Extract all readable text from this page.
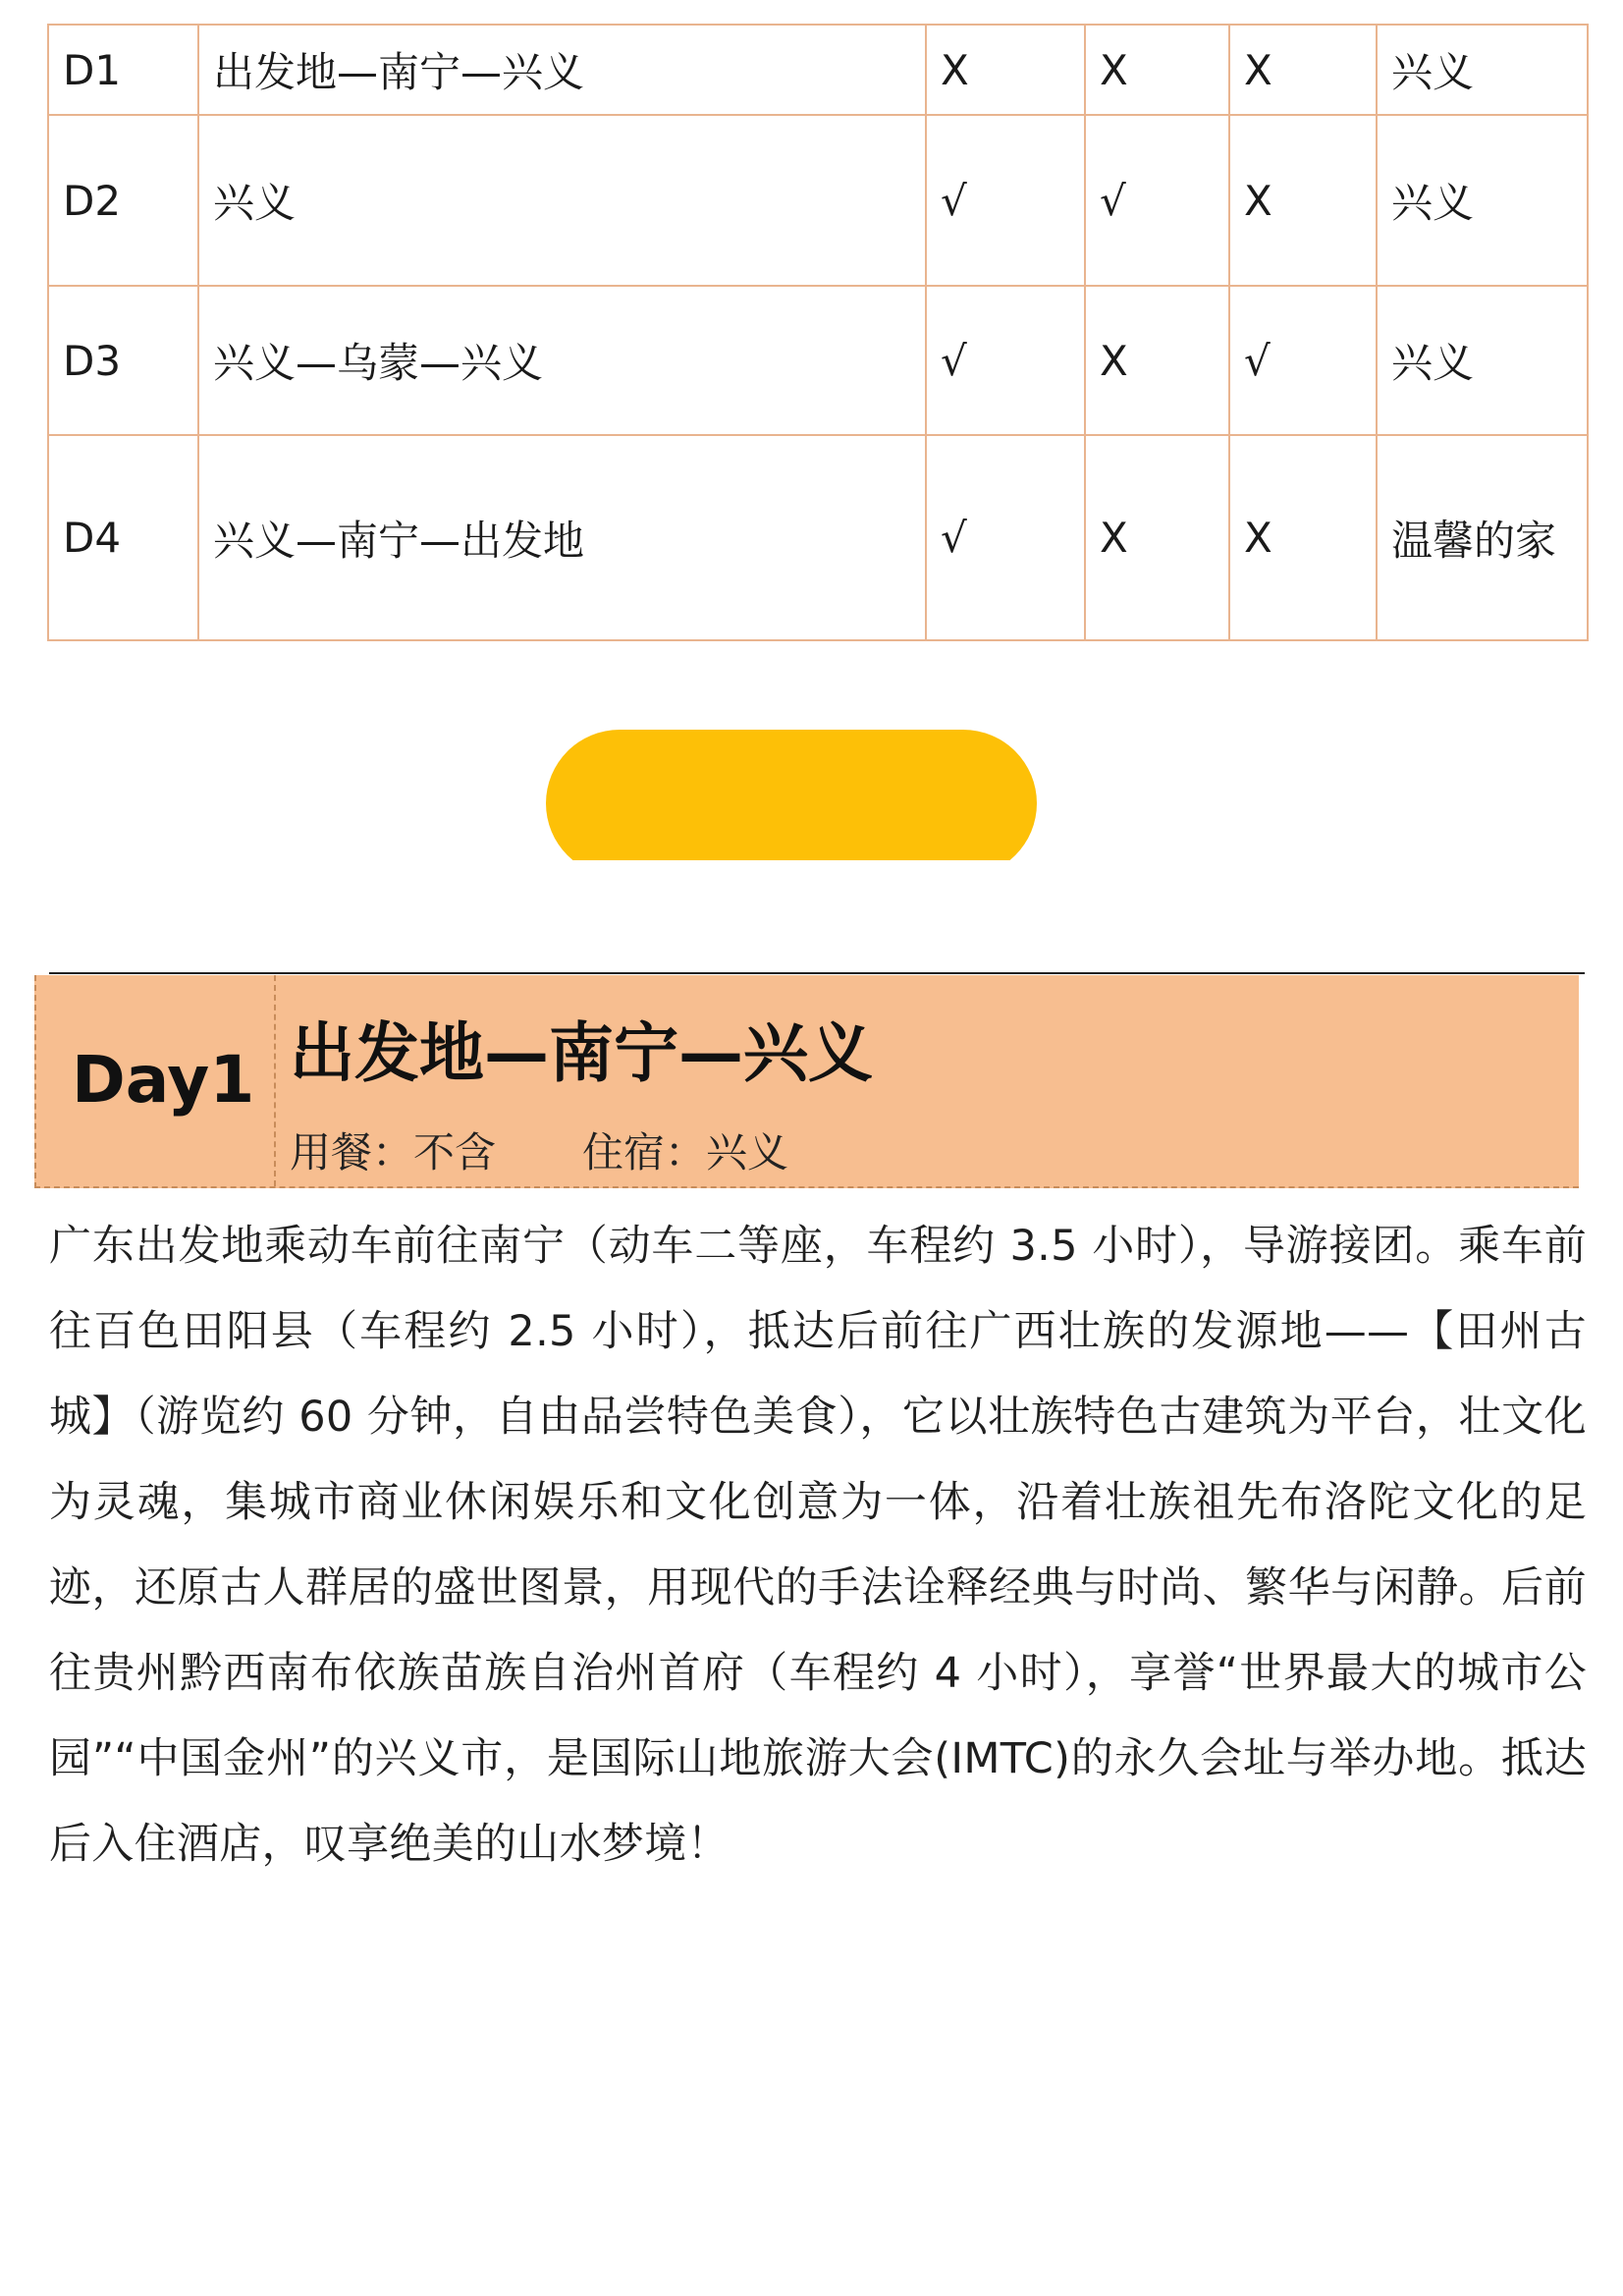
D1	出发地—南宁—兴义	X	X	X	兴义
D2	兴义	√	√	X	兴义
D3	兴义—乌蒙—兴义	√	X	√	兴义
D4	兴义—南宁—出发地	√	X	X	温馨的家
Day1 出发地—南宁—兴义
用餐：不含 住宿：兴义

广东出发地乘动车前往南宁（动车二等座，车程约 3.5 小时），导游接团。乘车前往百色田阳县（车程约 2.5 小时），抵达后前往广西壮族的发源地——【田州古城】（游览约 60 分钟，自由品尝特色美食），它以壮族特色古建筑为平台，壮文化为灵魂，集城市商业休闲娱乐和文化创意为一体，沿着壮族祖先布洛陀文化的足迹，还原古人群居的盛世图景，用现代的手法诠释经典与时尚、繁华与闲静。后前往贵州黔西南布依族苗族自治州首府（车程约 4 小时），享誉“世界最大的城市公园”“中国金州”的兴义市，是国际山地旅游大会(IMTC)的永久会址与举办地。抵达后入住酒店，叹享绝美的山水梦境！
